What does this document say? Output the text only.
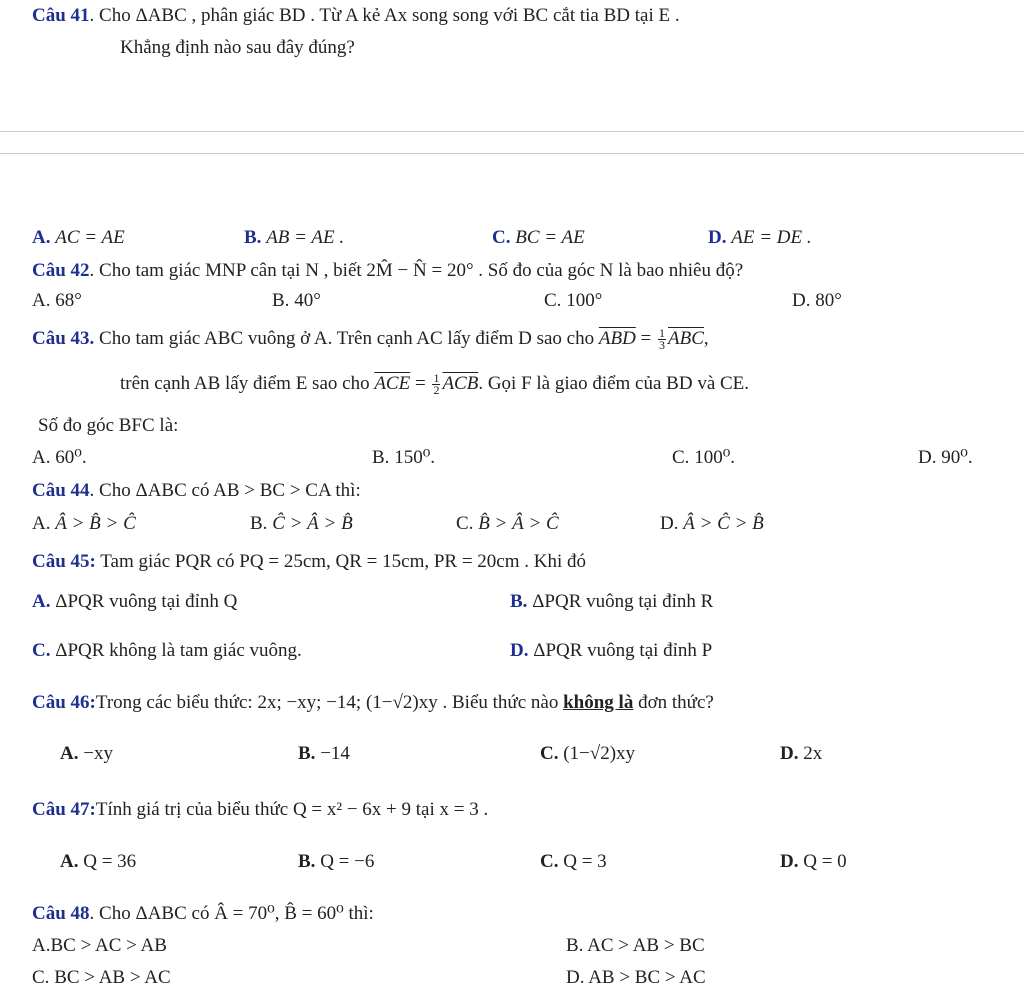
Câu 41. Cho ΔABC , phân giác BD . Từ A kẻ Ax song song với BC cắt tia BD tại E .
Khẳng định nào sau đây đúng?
A. AC = AE	B. AB = AE .	C. BC = AE	D. AE = DE .
Câu 42. Cho tam giác MNP cân tại N , biết 2M̂ − N̂ = 20° . Số đo của góc N là bao nhiêu độ?
A. 68°	B. 40°	C. 100°	D. 80°
Câu 43. Cho tam giác ABC vuông ở A. Trên cạnh AC lấy điểm D sao cho $\overline{ABD} = \frac{1}{3} \overline{ABC}$,
trên cạnh AB lấy điểm E sao cho $\overline{ACE} = \frac{1}{2} \overline{ACB}$. Gọi F là giao điểm của BD và CE.
Số đo góc BFC là:
A. 60⁰.	B. 150⁰.	C. 100⁰.	D. 90⁰.
Câu 44. Cho ΔABC có AB > BC > CA thì:
A. Â > B̂ > Ĉ	B. Ĉ > Â > B̂	C. B̂ > Â > Ĉ	D. Â > Ĉ > B̂
Câu 45: Tam giác PQR có PQ = 25cm, QR = 15cm, PR = 20cm . Khi đó
A. ΔPQR vuông tại đỉnh Q	B. ΔPQR vuông tại đỉnh R
C. ΔPQR không là tam giác vuông.	D. ΔPQR vuông tại đỉnh P
Câu 46:Trong các biểu thức: 2x; −xy; −14; (1−√2)xy . Biểu thức nào không là đơn thức?
A. −xy	B. −14	C. (1−√2)xy	D. 2x
Câu 47:Tính giá trị của biểu thức Q = x² − 6x + 9 tại x = 3 .
A. Q = 36	B. Q = −6	C. Q = 3	D. Q = 0
Câu 48. Cho ΔABC có Â = 70⁰, B̂ = 60⁰ thì:
A.BC > AC > AB	B. AC > AB > BC
C. BC > AB > AC	D. AB > BC > AC
